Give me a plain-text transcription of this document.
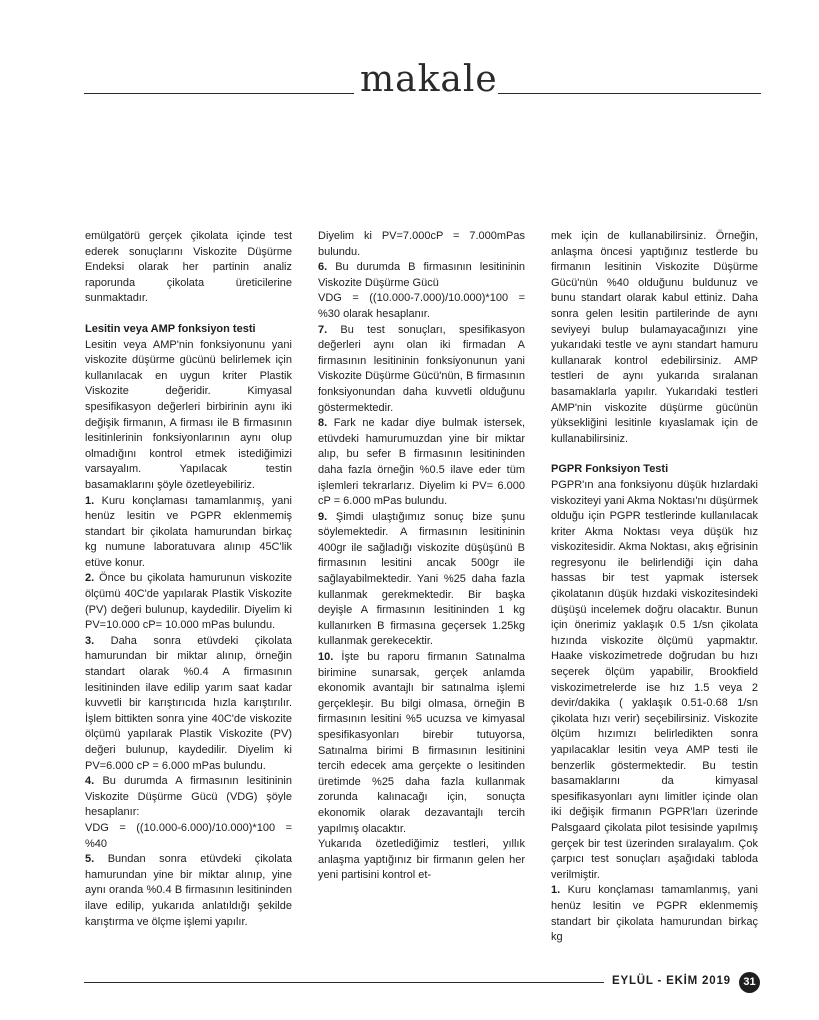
makale

emülgatörü gerçek çikolata içinde test ederek sonuçlarını Viskozite Düşürme Endeksi olarak her partinin analiz raporunda çikolata üreticilerine sunmaktadır.

Lesitin veya AMP fonksiyon testi

Lesitin veya AMP'nin fonksiyonunu yani viskozite düşürme gücünü belirlemek için kullanılacak en uygun kriter Plastik Viskozite değeridir. Kimyasal spesifikasyon değerleri birbirinin aynı iki değişik firmanın, A firması ile B firmasının lesitinlerinin fonksiyonlarının aynı olup olmadığını kontrol etmek istediğimizi varsayalım. Yapılacak testin basamaklarını şöyle özetleyebiliriz.

1. Kuru konçlaması tamamlanmış, yani henüz lesitin ve PGPR eklenmemiş standart bir çikolata hamurundan birkaç kg numune laboratuvara alınıp 45C'lik etüve konur.

2. Önce bu çikolata hamurunun viskozite ölçümü 40C'de yapılarak Plastik Viskozite (PV) değeri bulunup, kaydedilir. Diyelim ki PV=10.000 cP= 10.000 mPas bulundu.

3. Daha sonra etüvdeki çikolata hamurundan bir miktar alınıp, örneğin standart olarak %0.4 A firmasının lesitininden ilave edilip yarım saat kadar kuvvetli bir karıştırıcıda hızla karıştırılır. İşlem bittikten sonra yine 40C'de viskozite ölçümü yapılarak Plastik Viskozite (PV) değeri bulunup, kaydedilir. Diyelim ki PV=6.000 cP = 6.000 mPas bulundu.

4. Bu durumda A firmasının lesitininin Viskozite Düşürme Gücü (VDG) şöyle hesaplanır:

VDG = ((10.000-6.000)/10.000)*100 = %40

5. Bundan sonra etüvdeki çikolata hamurundan yine bir miktar alınıp, yine aynı oranda %0.4 B firmasının lesitininden ilave edilip, yukarıda anlatıldığı şekilde karıştırma ve ölçme işlemi yapılır.

Diyelim ki PV=7.000cP = 7.000mPas bulundu.

6. Bu durumda B firmasının lesitininin Viskozite Düşürme Gücü

VDG = ((10.000-7.000)/10.000)*100 = %30 olarak hesaplanır.

7. Bu test sonuçları, spesifikasyon değerleri aynı olan iki firmadan A firmasının lesitininin fonksiyonunun yani Viskozite Düşürme Gücü'nün, B firmasının fonksiyonundan daha kuvvetli olduğunu göstermektedir.

8. Fark ne kadar diye bulmak istersek, etüvdeki hamurumuzdan yine bir miktar alıp, bu sefer B firmasının lesitininden daha fazla örneğin %0.5 ilave eder tüm işlemleri tekrarlarız. Diyelim ki PV= 6.000 cP = 6.000 mPas bulundu.

9. Şimdi ulaştığımız sonuç bize şunu söylemektedir. A firmasının lesitininin 400gr ile sağladığı viskozite düşüşünü B firmasının lesitini ancak 500gr ile sağlayabilmektedir. Yani %25 daha fazla kullanmak gerekmektedir. Bir başka deyişle A firmasının lesitininden 1 kg kullanırken B firmasına geçersek 1.25kg kullanmak gerekecektir.

10. İşte bu raporu firmanın Satınalma birimine sunarsak, gerçek anlamda ekonomik avantajlı bir satınalma işlemi gerçekleşir. Bu bilgi olmasa, örneğin B firmasının lesitini %5 ucuzsa ve kimyasal spesifikasyonları birebir tutuyorsa, Satınalma birimi B firmasının lesitinini tercih edecek ama gerçekte o lesitinden üretimde %25 daha fazla kullanmak zorunda kalınacağı için, sonuçta ekonomik olarak dezavantajlı tercih yapılmış olacaktır.

Yukarıda özetlediğimiz testleri, yıllık anlaşma yaptığınız bir firmanın gelen her yeni partisini kontrol et-

mek için de kullanabilirsiniz. Örneğin, anlaşma öncesi yaptığınız testlerde bu firmanın lesitinin Viskozite Düşürme Gücü'nün %40 olduğunu buldunuz ve bunu standart olarak kabul ettiniz. Daha sonra gelen lesitin partilerinde de aynı seviyeyi bulup bulamayacağınızı yine yukarıdaki testle ve aynı standart hamuru kullanarak kontrol edebilirsiniz. AMP testleri de aynı yukarıda sıralanan basamaklarla yapılır. Yukarıdaki testleri AMP'nin viskozite düşürme gücünün yüksekliğini lesitinle kıyaslamak için de kullanabilirsiniz.

PGPR Fonksiyon Testi

PGPR'ın ana fonksiyonu düşük hızlardaki viskoziteyi yani Akma Noktası'nı düşürmek olduğu için PGPR testlerinde kullanılacak kriter Akma Noktası veya düşük hız viskozitesidir. Akma Noktası, akış eğrisinin regresyonu ile belirlendiği için daha hassas bir test yapmak istersek çikolatanın düşük hızdaki viskozitesindeki düşüşü incelemek doğru olacaktır. Bunun için önerimiz yaklaşık 0.5 1/sn çikolata hızında viskozite ölçümü yapmaktır. Haake viskozimetrede doğrudan bu hızı seçerek ölçüm yapabilir, Brookfield viskozimetrelerde ise hız 1.5 veya 2 devir/dakika ( yaklaşık 0.51-0.68 1/sn çikolata hızı verir) seçebilirsiniz. Viskozite ölçüm hızımızı belirledikten sonra yapılacaklar lesitin veya AMP testi ile benzerlik göstermektedir. Bu testin basamaklarını da kimyasal spesifikasyonları aynı limitler içinde olan iki değişik firmanın PGPR'ları üzerinde Palsgaard çikolata pilot tesisinde yapılmış gerçek bir test üzerinden sıralayalım. Çok çarpıcı test sonuçları aşağıdaki tabloda verilmiştir.

1. Kuru konçlaması tamamlanmış, yani henüz lesitin ve PGPR eklenmemiş standart bir çikolata hamurundan birkaç kg

EYLÜL - EKİM 2019	31
